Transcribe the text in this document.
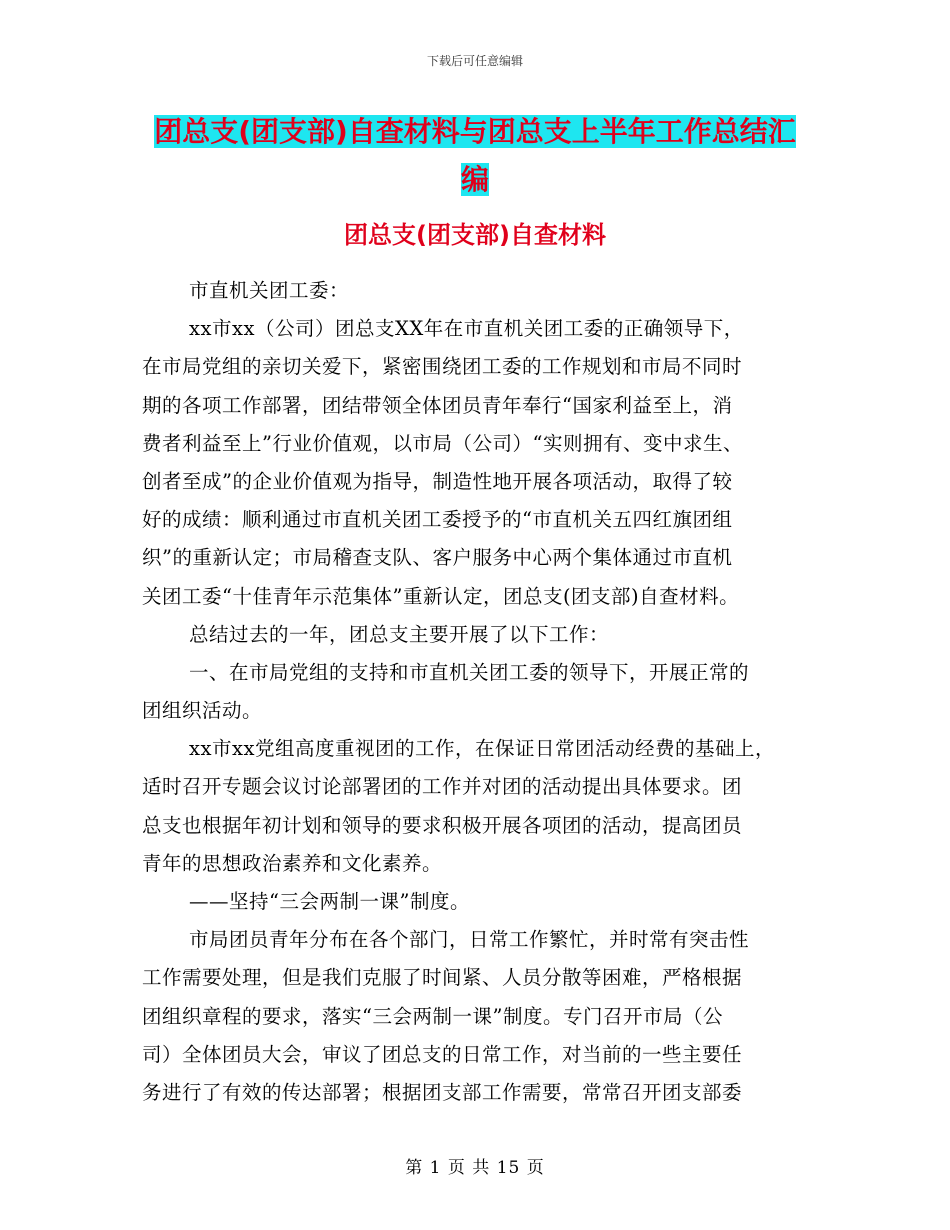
下载后可任意编辑
团总支(团支部)自查材料与团总支上半年工作总结汇
编
团总支(团支部)自查材料
市直机关团工委：
xx市xx（公司）团总支XX年在市直机关团工委的正确领导下，
在市局党组的亲切关爱下，紧密围绕团工委的工作规划和市局不同时
期的各项工作部署，团结带领全体团员青年奉行“国家利益至上，消
费者利益至上”行业价值观，以市局（公司）“实则拥有、变中求生、
创者至成”的企业价值观为指导，制造性地开展各项活动，取得了较
好的成绩：顺利通过市直机关团工委授予的“市直机关五四红旗团组
织”的重新认定；市局稽查支队、客户服务中心两个集体通过市直机
关团工委“十佳青年示范集体”重新认定，团总支(团支部)自查材料。
总结过去的一年，团总支主要开展了以下工作：
一、在市局党组的支持和市直机关团工委的领导下，开展正常的
团组织活动。
xx市xx党组高度重视团的工作，在保证日常团活动经费的基础上，
适时召开专题会议讨论部署团的工作并对团的活动提出具体要求。团
总支也根据年初计划和领导的要求积极开展各项团的活动，提高团员
青年的思想政治素养和文化素养。
——坚持“三会两制一课”制度。
市局团员青年分布在各个部门，日常工作繁忙，并时常有突击性
工作需要处理，但是我们克服了时间紧、人员分散等困难，严格根据
团组织章程的要求，落实“三会两制一课”制度。专门召开市局（公
司）全体团员大会，审议了团总支的日常工作，对当前的一些主要任
务进行了有效的传达部署；根据团支部工作需要，常常召开团支部委
第 1 页 共 15 页
